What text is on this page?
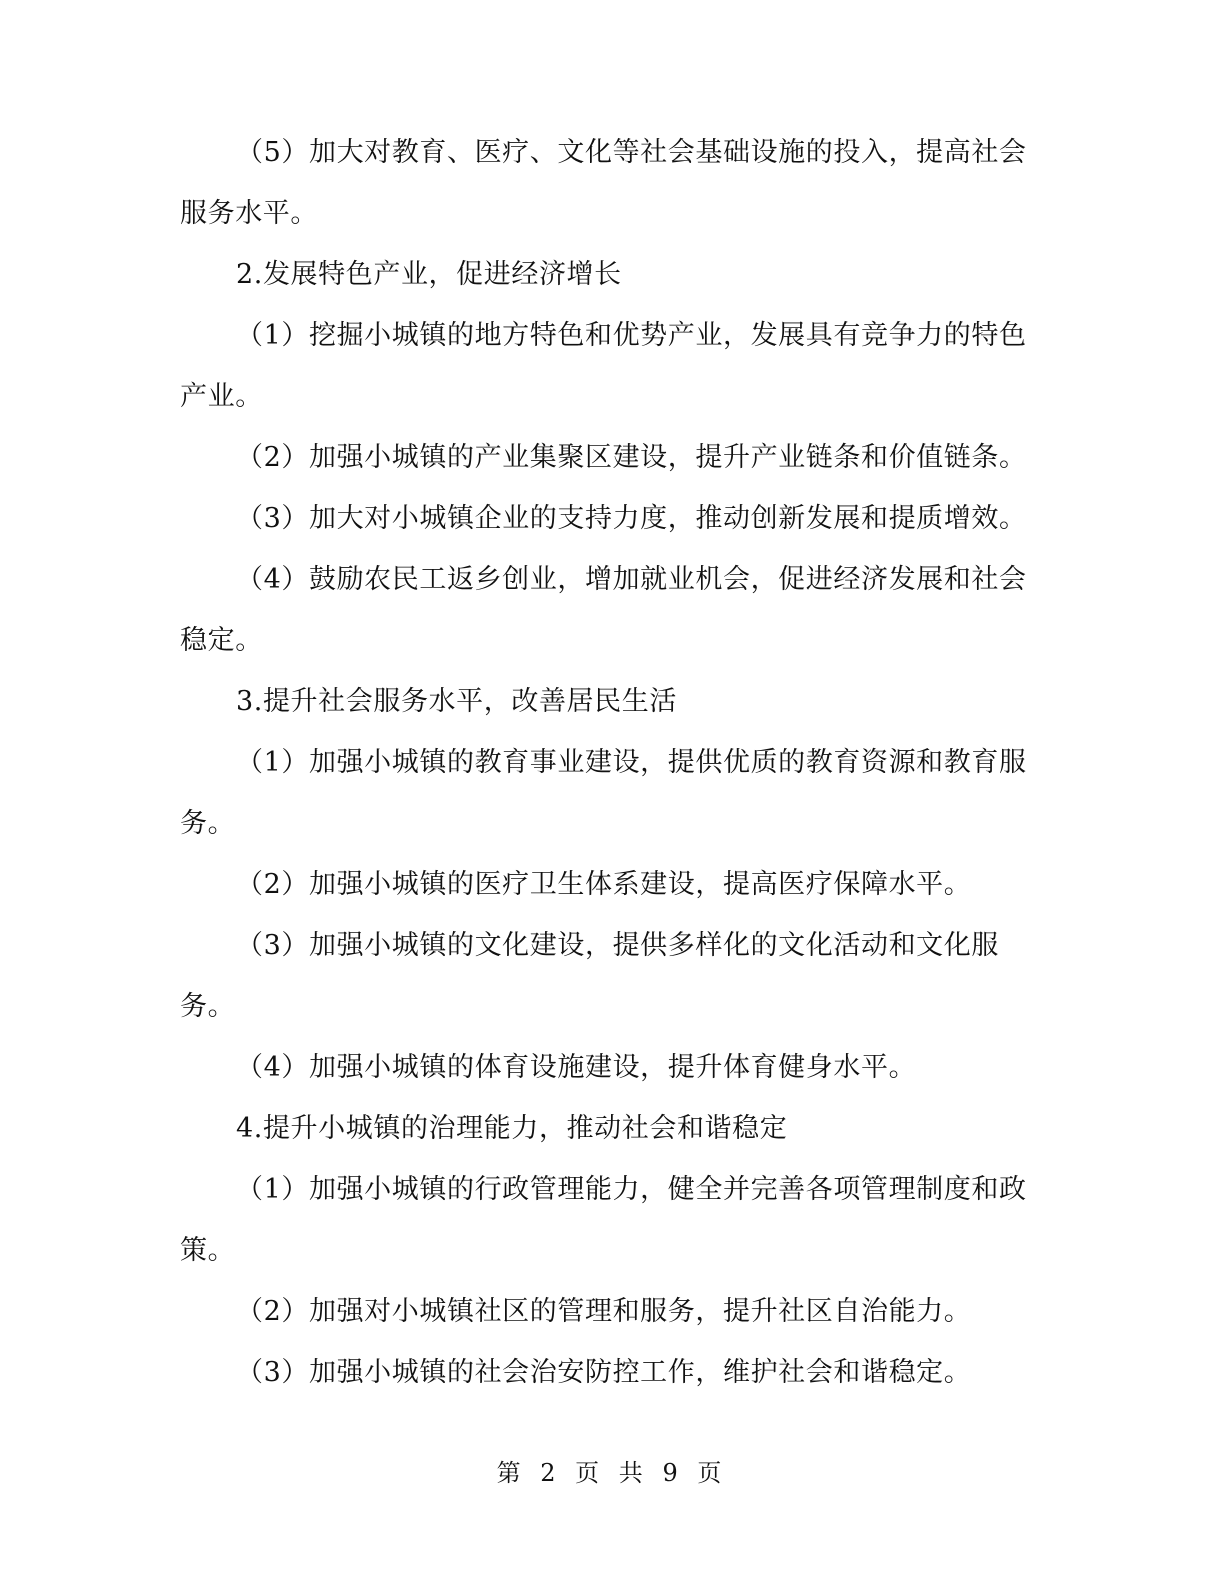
（5）加大对教育、医疗、文化等社会基础设施的投入，提高社会服务水平。

2.发展特色产业，促进经济增长

（1）挖掘小城镇的地方特色和优势产业，发展具有竞争力的特色产业。

（2）加强小城镇的产业集聚区建设，提升产业链条和价值链条。

（3）加大对小城镇企业的支持力度，推动创新发展和提质增效。

（4）鼓励农民工返乡创业，增加就业机会，促进经济发展和社会稳定。

3.提升社会服务水平，改善居民生活

（1）加强小城镇的教育事业建设，提供优质的教育资源和教育服务。

（2）加强小城镇的医疗卫生体系建设，提高医疗保障水平。

（3）加强小城镇的文化建设，提供多样化的文化活动和文化服务。

（4）加强小城镇的体育设施建设，提升体育健身水平。

4.提升小城镇的治理能力，推动社会和谐稳定

（1）加强小城镇的行政管理能力，健全并完善各项管理制度和政策。

（2）加强对小城镇社区的管理和服务，提升社区自治能力。

（3）加强小城镇的社会治安防控工作，维护社会和谐稳定。

第 2 页 共 9 页
